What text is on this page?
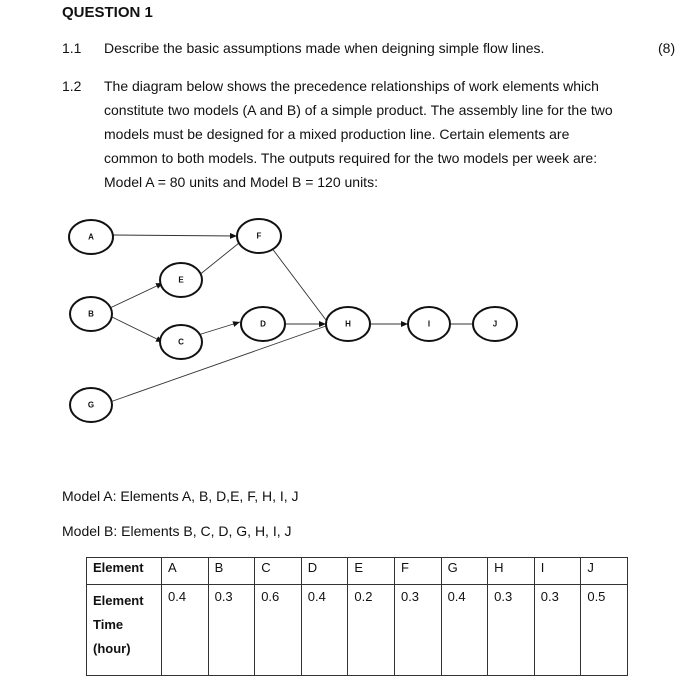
QUESTION 1
1.1 Describe the basic assumptions made when deigning simple flow lines.	(8)
1.2 The diagram below shows the precedence relationships of work elements which
constitute two models (A and B) of a simple product. The assembly line for the two
models must be designed for a mixed production line. Certain elements are
common to both models. The outputs required for the two models per week are:
Model A = 80 units and Model B = 120 units:
A	F
E
B
D	H	I	J
C
G
Model A: Elements A, B, D,E, F, H, I, J
Model B: Elements B, C, D, G, H, I, J
Element	A	B	C	D	E	F	G	H	I	J

Element
Time
(hour)	0.4	0.3	0.6	0.4	0.2	0.3	0.4	0.3	0.3	0.5
